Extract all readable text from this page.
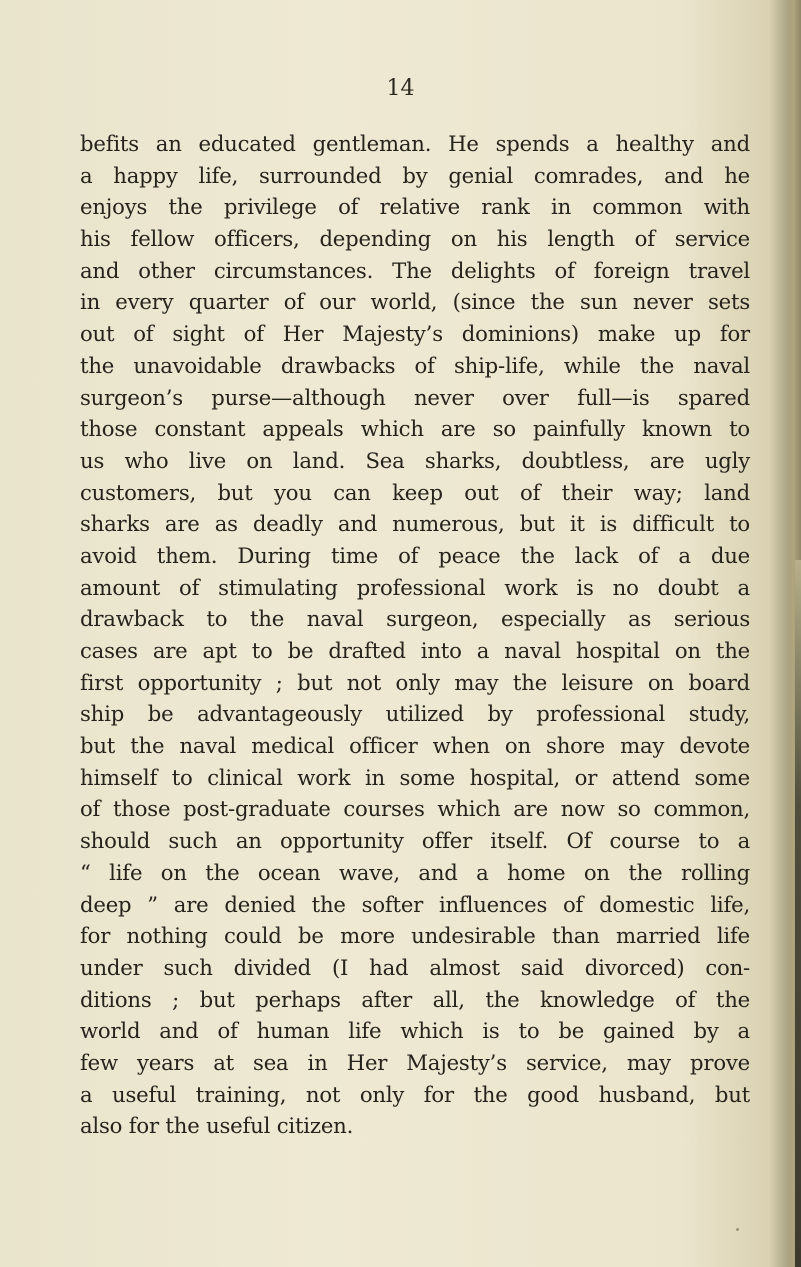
14

befits an educated gentleman. He spends a healthy and
a happy life, surrounded by genial comrades, and he
enjoys the privilege of relative rank in common with
his fellow officers, depending on his length of service
and other circumstances. The delights of foreign travel
in every quarter of our world, (since the sun never sets
out of sight of Her Majesty’s dominions) make up for
the unavoidable drawbacks of ship-life, while the naval
surgeon’s purse—although never over full—is spared
those constant appeals which are so painfully known to
us who live on land. Sea sharks, doubtless, are ugly
customers, but you can keep out of their way; land
sharks are as deadly and numerous, but it is difficult to
avoid them. During time of peace the lack of a due
amount of stimulating professional work is no doubt a
drawback to the naval surgeon, especially as serious
cases are apt to be drafted into a naval hospital on the
first opportunity ; but not only may the leisure on board
ship be advantageously utilized by professional study,
but the naval medical officer when on shore may devote
himself to clinical work in some hospital, or attend some
of those post-graduate courses which are now so common,
should such an opportunity offer itself. Of course to a
“ life on the ocean wave, and a home on the rolling
deep ” are denied the softer influences of domestic life,
for nothing could be more undesirable than married life
under such divided (I had almost said divorced) con-
ditions ; but perhaps after all, the knowledge of the
world and of human life which is to be gained by a
few years at sea in Her Majesty’s service, may prove
a useful training, not only for the good husband, but
also for the useful citizen.
